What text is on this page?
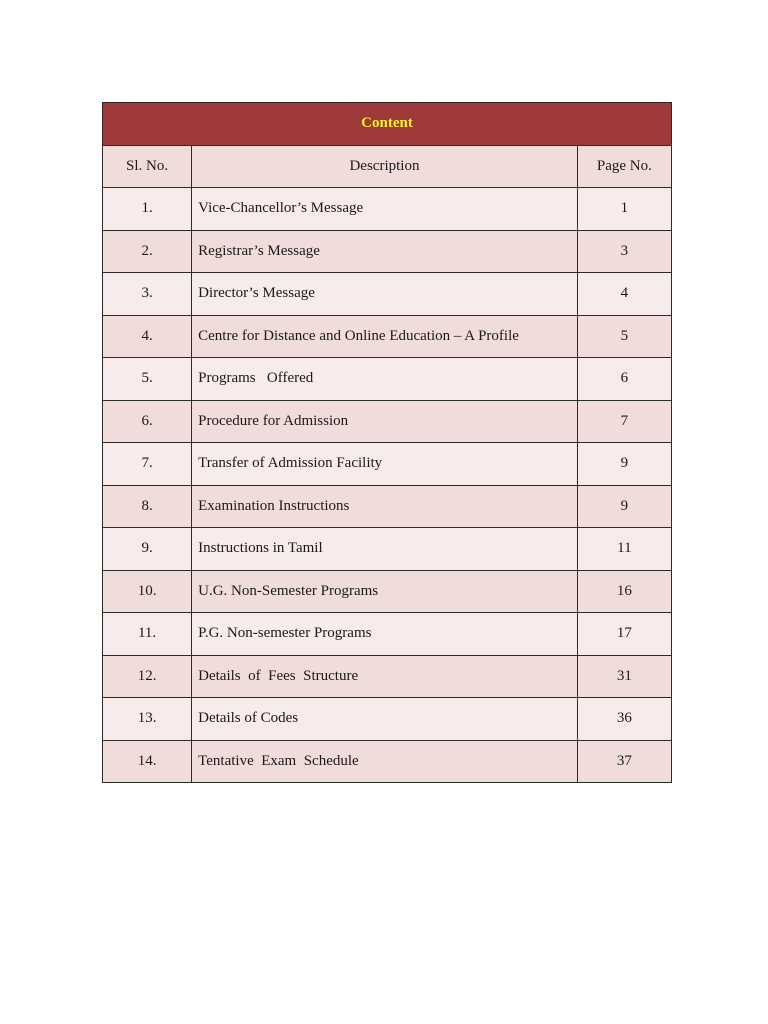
Content		
Sl. No.	Description	Page No.
1.	Vice-Chancellor’s Message	1
2.	Registrar’s Message	3
3.	Director’s Message	4
4.	Centre for Distance and Online Education – A Profile	5
5.	Programs   Offered	6
6.	Procedure for Admission	7
7.	Transfer of Admission Facility	9
8.	Examination Instructions	9
9.	Instructions in Tamil	11
10.	U.G. Non-Semester Programs	16
11.	P.G. Non-semester Programs	17
12.	Details  of  Fees  Structure	31
13.	Details of Codes	36
14.	Tentative  Exam  Schedule	37
